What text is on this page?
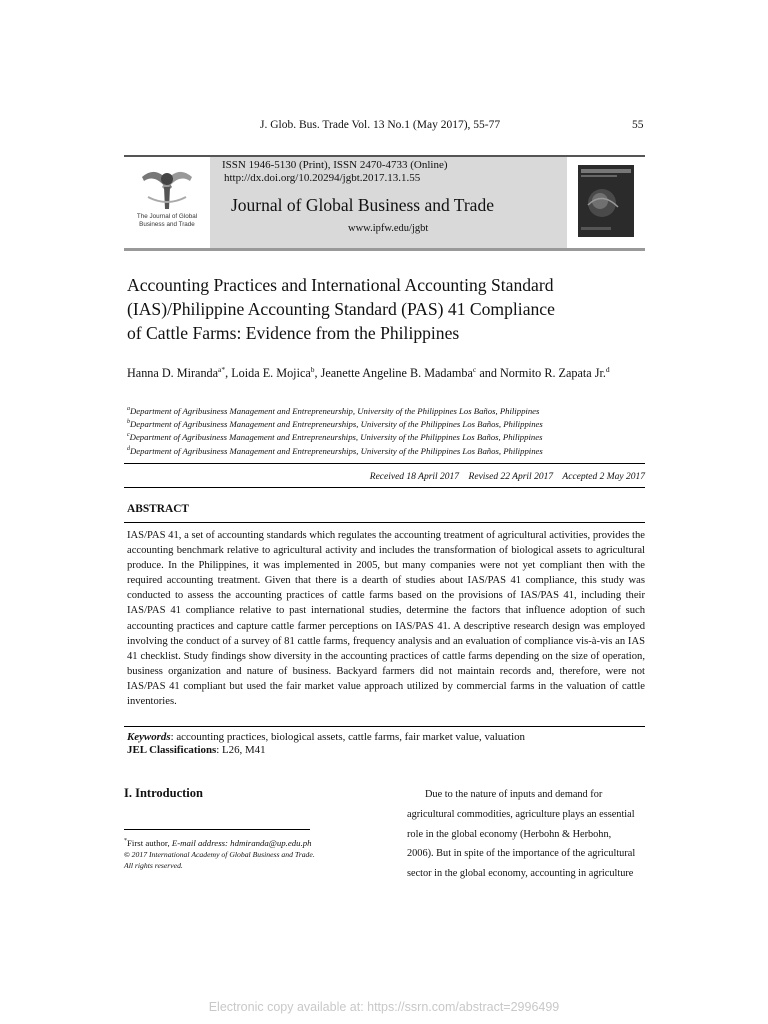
J. Glob. Bus. Trade Vol. 13 No.1 (May 2017), 55-77	55
The Journal of Global
Business and Trade
ISSN 1946-5130 (Print), ISSN 2470-4733 (Online)
http://dx.doi.org/10.20294/jgbt.2017.13.1.55
Journal of Global Business and Trade
www.ipfw.edu/jgbt
Accounting Practices and International Accounting Standard
(IAS)/Philippine Accounting Standard (PAS) 41 Compliance
of Cattle Farms: Evidence from the Philippines
Hanna D. Miranda$^{a*}$, Loida E. Mojica$^b$, Jeanette Angeline B. Madamba$^c$ and Normito R. Zapata Jr.$^d$
$^a$Department of Agribusiness Management and Entrepreneurship, University of the Philippines Los Baños, Philippines
$^b$Department of Agribusiness Management and Entrepreneurships, University of the Philippines Los Baños, Philippines
$^c$Department of Agribusiness Management and Entrepreneurships, University of the Philippines Los Baños, Philippines
$^d$Department of Agribusiness Management and Entrepreneurships, University of the Philippines Los Baños, Philippines
Received 18 April 2017 Revised 22 April 2017 Accepted 2 May 2017
ABSTRACT
IAS/PAS 41, a set of accounting standards which regulates the accounting treatment of agricultural activities, provides the accounting benchmark relative to agricultural activity and includes the transformation of biological assets to agricultural produce. In the Philippines, it was implemented in 2005, but many companies were not yet compliant then with the required accounting treatment. Given that there is a dearth of studies about IAS/PAS 41 compliance, this study was conducted to assess the accounting practices of cattle farms based on the provisions of IAS/PAS 41, including their IAS/PAS 41 compliance relative to past international studies, determine the factors that influence adoption of such accounting practices and capture cattle farmer perceptions on IAS/PAS 41. A descriptive research design was employed involving the conduct of a survey of 81 cattle farms, frequency analysis and an evaluation of compliance vis-à-vis an IAS 41 checklist. Study findings show diversity in the accounting practices of cattle farms depending on the size of operation, business organization and nature of business. Backyard farmers did not maintain records and, therefore, were not IAS/PAS 41 compliant but used the fair market value approach utilized by commercial farms in the valuation of cattle inventories.
Keywords: accounting practices, biological assets, cattle farms, fair market value, valuation
JEL Classifications: L26, M41
I. Introduction
*First author, E-mail address: hdmiranda@up.edu.ph
© 2017 International Academy of Global Business and Trade.
All rights reserved.
Due to the nature of inputs and demand for
agricultural commodities, agriculture plays an essential
role in the global economy (Herbohn & Herbohn,
2006). But in spite of the importance of the agricultural
sector in the global economy, accounting in agriculture
Electronic copy available at: https://ssrn.com/abstract=2996499
